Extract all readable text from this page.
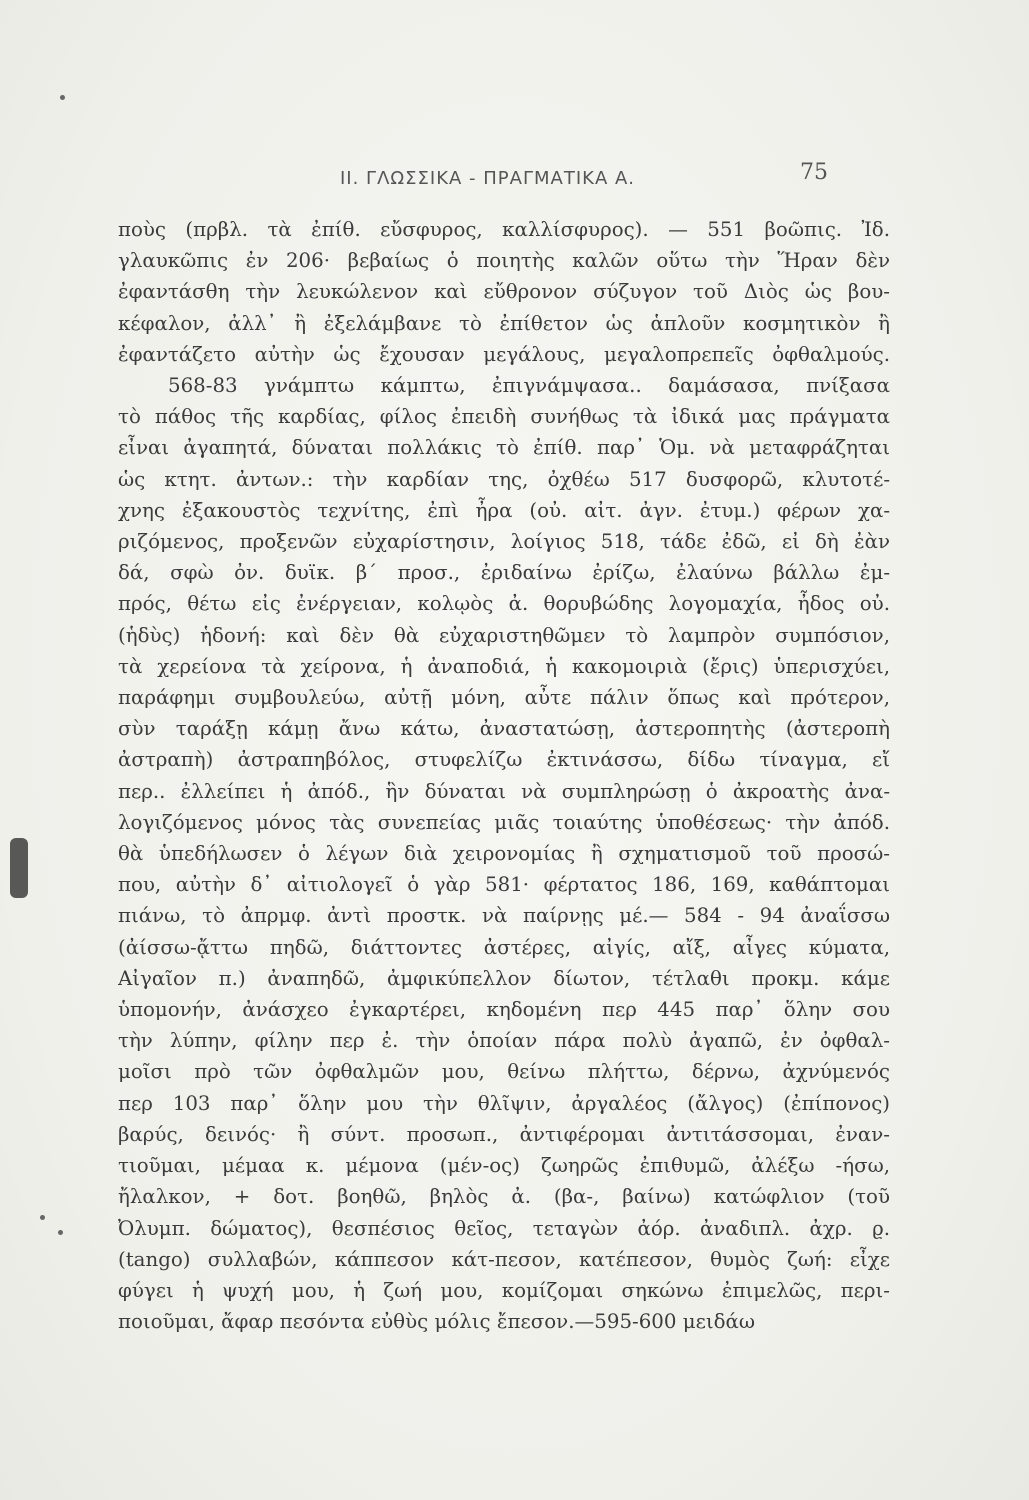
II. ΓΛΩΣΣΙΚΑ - ΠΡΑΓΜΑΤΙΚΑ Α.	75
ποὺς (πρβλ. τὰ ἐπίθ. εὔσφυρος, καλλίσφυρος). — 551 βοῶπις. Ἰδ.
γλαυκῶπις ἐν 206· βεβαίως ὁ ποιητὴς καλῶν οὕτω τὴν Ἥραν δὲν
ἐφαντάσθη τὴν λευκώλενον καὶ εὔθρονον σύζυγον τοῦ Διὸς ὡς βου-
κέφαλον, ἀλλ᾽ ἢ ἐξελάμβανε τὸ ἐπίθετον ὡς ἁπλοῦν κοσμητικὸν ἢ
ἐφαντάζετο αὐτὴν ὡς ἔχουσαν μεγάλους, μεγαλοπρεπεῖς ὀφθαλμούς.
568-83 γνάμπτω κάμπτω, ἐπιγνάμψασα.. δαμάσασα, πνίξασα
τὸ πάθος τῆς καρδίας, φίλος ἐπειδὴ συνήθως τὰ ἰδικά μας πράγματα
εἶναι ἀγαπητά, δύναται πολλάκις τὸ ἐπίθ. παρ᾽ Ὁμ. νὰ μεταφράζηται
ὡς κτητ. ἀντων.: τὴν καρδίαν της, ὀχθέω 517 δυσφορῶ, κλυτοτέ-
χνης ἐξακουστὸς τεχνίτης, ἐπὶ ἦρα (οὐ. αἰτ. ἀγν. ἐτυμ.) φέρων χα-
ριζόμενος, προξενῶν εὐχαρίστησιν, λοίγιος 518, τάδε ἐδῶ, εἰ δὴ ἐὰν
δά, σφὼ ὀν. δυϊκ. β´ προσ., ἐριδαίνω ἐρίζω, ἐλαύνω βάλλω ἐμ-
πρός, θέτω εἰς ἐνέργειαν, κολῳὸς ἀ. θορυβώδης λογομαχία, ἦδος οὐ.
(ἡδὺς) ἡδονή: καὶ δὲν θὰ εὐχαριστηθῶμεν τὸ λαμπρὸν συμπόσιον,
τὰ χερείονα τὰ χείρονα, ἡ ἀναποδιά, ἡ κακομοιριὰ (ἔρις) ὑπερισχύει,
παράφημι συμβουλεύω, αὐτῇ μόνη, αὖτε πάλιν ὅπως καὶ πρότερον,
σὺν ταράξῃ κάμῃ ἄνω κάτω, ἀναστατώσῃ, ἀστεροπητὴς (ἀστεροπὴ
ἀστραπὴ) ἀστραπηβόλος, στυφελίζω ἐκτινάσσω, δίδω τίναγμα, εἴ
περ.. ἐλλείπει ἡ ἀπόδ., ἣν δύναται νὰ συμπληρώσῃ ὁ ἀκροατὴς ἀνα-
λογιζόμενος μόνος τὰς συνεπείας μιᾶς τοιαύτης ὑποθέσεως· τὴν ἀπόδ.
θὰ ὑπεδήλωσεν ὁ λέγων διὰ χειρονομίας ἢ σχηματισμοῦ τοῦ προσώ-
που, αὐτὴν δ᾽ αἰτιολογεῖ ὁ γὰρ 581· φέρτατος 186, 169, καθάπτομαι
πιάνω, τὸ ἀπρμφ. ἀντὶ προστκ. νὰ παίρνῃς μέ.— 584 - 94 ἀναΐσσω
(ἀίσσω-ᾄττω πηδῶ, διάττοντες ἀστέρες, αἰγίς, αἴξ, αἶγες κύματα,
Αἰγαῖον π.) ἀναπηδῶ, ἀμφικύπελλον δίωτον, τέτλαθι προκμ. κάμε
ὑπομονήν, ἀνάσχεο ἐγκαρτέρει, κηδομένη περ 445 παρ᾽ ὅλην σου
τὴν λύπην, φίλην περ ἐ. τὴν ὁποίαν πάρα πολὺ ἀγαπῶ, ἐν ὀφθαλ-
μοῖσι πρὸ τῶν ὀφθαλμῶν μου, θείνω πλήττω, δέρνω, ἀχνύμενός
περ 103 παρ᾽ ὅλην μου τὴν θλῖψιν, ἀργαλέος (ἄλγος) (ἐπίπονος)
βαρύς, δεινός· ἢ σύντ. προσωπ., ἀντιφέρομαι ἀντιτάσσομαι, ἐναν-
τιοῦμαι, μέμαα κ. μέμονα (μέν-ος) ζωηρῶς ἐπιθυμῶ, ἀλέξω -ήσω,
ἤλαλκον, + δοτ. βοηθῶ, βηλὸς ἀ. (βα-, βαίνω) κατώφλιον (τοῦ
Ὀλυμπ. δώματος), θεσπέσιος θεῖος, τεταγὼν ἀόρ. ἀναδιπλ. ἀχρ. ϱ.
(tango) συλλαβών, κάππεσον κάτ-πεσον, κατέπεσον, θυμὸς ζωή: εἶχε
φύγει ἡ ψυχή μου, ἡ ζωή μου, κομίζομαι σηκώνω ἐπιμελῶς, περι-
ποιοῦμαι, ἄφαρ πεσόντα εὐθὺς μόλις ἔπεσον.—595-600 μειδάω
